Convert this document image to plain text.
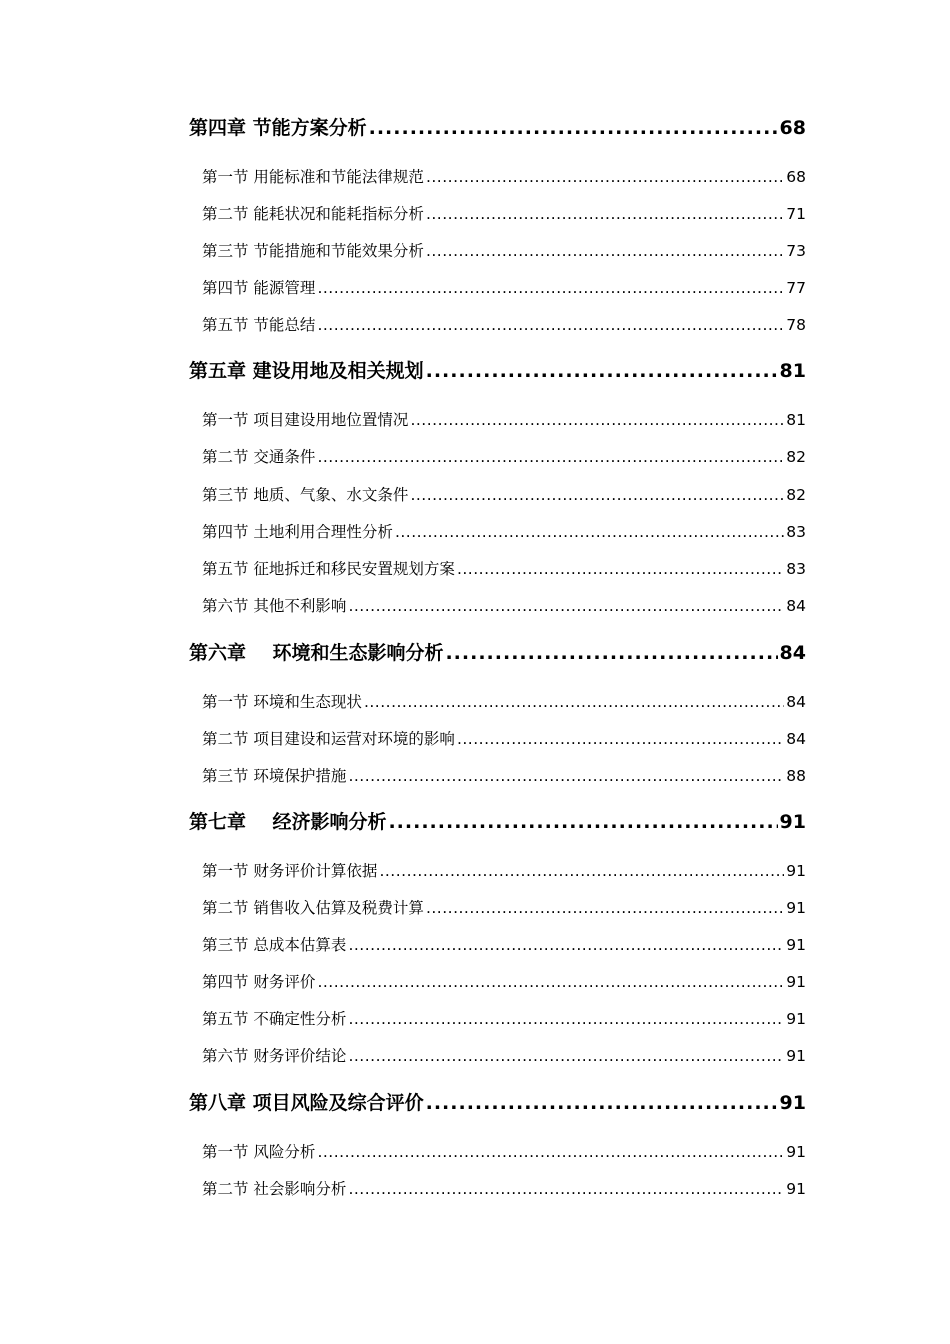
第四章 节能方案分析 .....	68
第一节 用能标准和节能法律规范 .....	68
第二节 能耗状况和能耗指标分析 .....	71
第三节 节能措施和节能效果分析 .....	73
第四节 能源管理 .....	77
第五节 节能总结 .....	78
第五章 建设用地及相关规划 .....	81
第一节 项目建设用地位置情况 .....	81
第二节 交通条件 .....	82
第三节 地质、气象、水文条件 .....	82
第四节 土地利用合理性分析 .....	83
第五节 征地拆迁和移民安置规划方案 .....	83
第六节 其他不利影响 .....	84
第六章    环境和生态影响分析 .....	84
第一节 环境和生态现状 .....	84
第二节 项目建设和运营对环境的影响 .....	84
第三节 环境保护措施 .....	88
第七章    经济影响分析 .....	91
第一节 财务评价计算依据 .....	91
第二节 销售收入估算及税费计算 .....	91
第三节 总成本估算表 .....	91
第四节 财务评价 .....	91
第五节 不确定性分析 .....	91
第六节 财务评价结论 .....	91
第八章 项目风险及综合评价 .....	91
第一节 风险分析 .....	91
第二节 社会影响分析 .....	91
